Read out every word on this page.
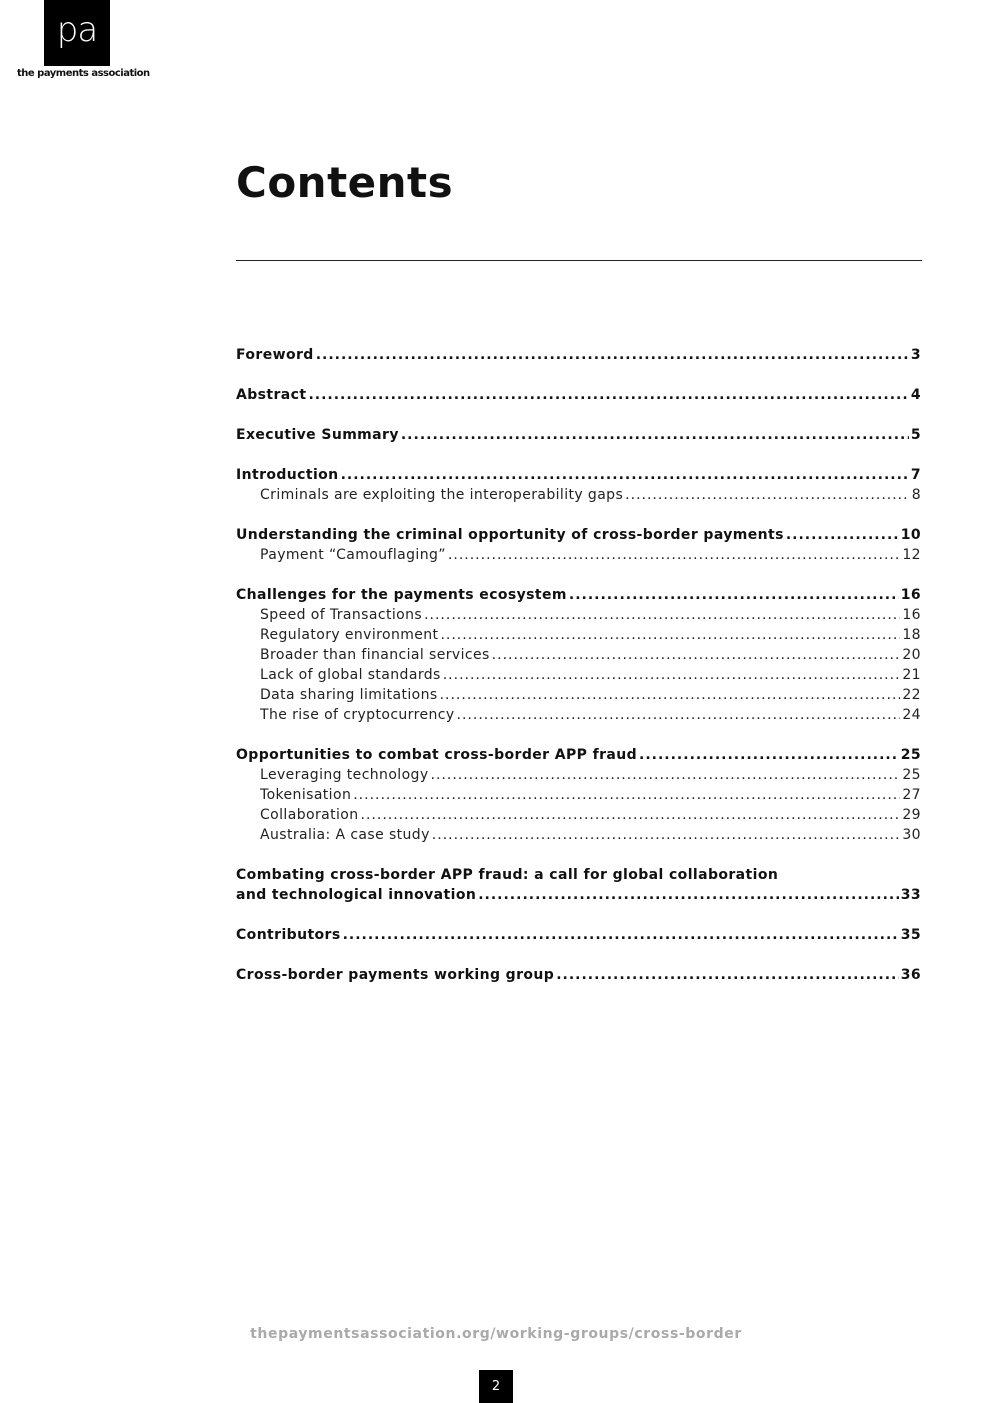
pa
the payments association
Contents
Foreword .....	3
Abstract .....	4
Executive Summary .....	5
Introduction .....	7
Criminals are exploiting the interoperability gaps .....	8
Understanding the criminal opportunity of cross-border payments .....	10
Payment “Camouflaging” .....	12
Challenges for the payments ecosystem .....	16
Speed of Transactions .....	16
Regulatory environment .....	18
Broader than financial services .....	20
Lack of global standards .....	21
Data sharing limitations .....	22
The rise of cryptocurrency .....	24
Opportunities to combat cross-border APP fraud .....	25
Leveraging technology .....	25
Tokenisation .....	27
Collaboration .....	29
Australia: A case study .....	30
Combating cross-border APP fraud: a call for global collaboration
and technological innovation .....	33
Contributors .....	35
Cross-border payments working group .....	36
thepaymentsassociation.org/working-groups/cross-border
2
